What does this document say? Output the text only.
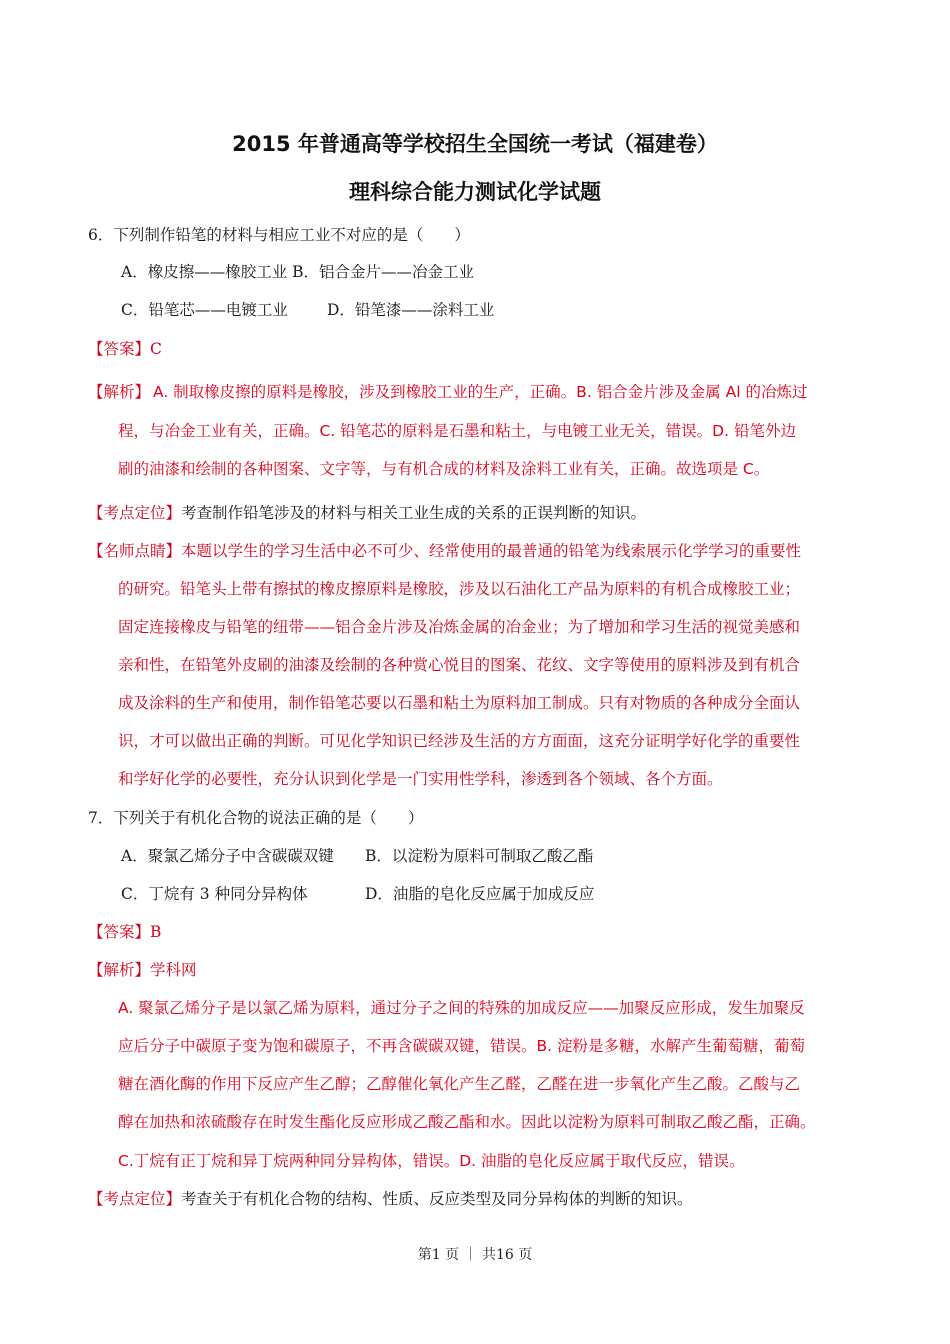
2015 年普通高等学校招生全国统一考试（福建卷）
理科综合能力测试化学试题
6．下列制作铅笔的材料与相应工业不对应的是（　　）
A．橡皮擦——橡胶工业 B．铝合金片——冶金工业
C．铅笔芯——电镀工业	D．铅笔漆——涂料工业
【答案】C
【解析】 A. 制取橡皮擦的原料是橡胶，涉及到橡胶工业的生产，正确。B. 铝合金片涉及金属 Al 的冶炼过
程，与冶金工业有关，正确。C. 铅笔芯的原料是石墨和粘土，与电镀工业无关，错误。D. 铅笔外边
刷的油漆和绘制的各种图案、文字等，与有机合成的材料及涂料工业有关，正确。故选项是 C。
【考点定位】考查制作铅笔涉及的材料与相关工业生成的关系的正误判断的知识。
【名师点睛】本题以学生的学习生活中必不可少、经常使用的最普通的铅笔为线索展示化学学习的重要性
的研究。铅笔头上带有擦拭的橡皮擦原料是橡胶，涉及以石油化工产品为原料的有机合成橡胶工业；
固定连接橡皮与铅笔的纽带——铝合金片涉及冶炼金属的冶金业；为了增加和学习生活的视觉美感和
亲和性，在铅笔外皮刷的油漆及绘制的各种赏心悦目的图案、花纹、文字等使用的原料涉及到有机合
成及涂料的生产和使用，制作铅笔芯要以石墨和粘土为原料加工制成。只有对物质的各种成分全面认
识，才可以做出正确的判断。可见化学知识已经涉及生活的方方面面，这充分证明学好化学的重要性
和学好化学的必要性，充分认识到化学是一门实用性学科，渗透到各个领域、各个方面。
7．下列关于有机化合物的说法正确的是（　　）
A．聚氯乙烯分子中含碳碳双键 B．以淀粉为原料可制取乙酸乙酯
C．丁烷有 3 种同分异构体	D．油脂的皂化反应属于加成反应
【答案】B
【解析】学科网
A. 聚氯乙烯分子是以氯乙烯为原料，通过分子之间的特殊的加成反应——加聚反应形成，发生加聚反
应后分子中碳原子变为饱和碳原子，不再含碳碳双键，错误。B. 淀粉是多糖，水解产生葡萄糖，葡萄
糖在酒化酶的作用下反应产生乙醇；乙醇催化氧化产生乙醛，乙醛在进一步氧化产生乙酸。乙酸与乙
醇在加热和浓硫酸存在时发生酯化反应形成乙酸乙酯和水。因此以淀粉为原料可制取乙酸乙酯，正确。
C.丁烷有正丁烷和异丁烷两种同分异构体，错误。D. 油脂的皂化反应属于取代反应，错误。
【考点定位】考查关于有机化合物的结构、性质、反应类型及同分异构体的判断的知识。
第1 页 ｜ 共16 页
